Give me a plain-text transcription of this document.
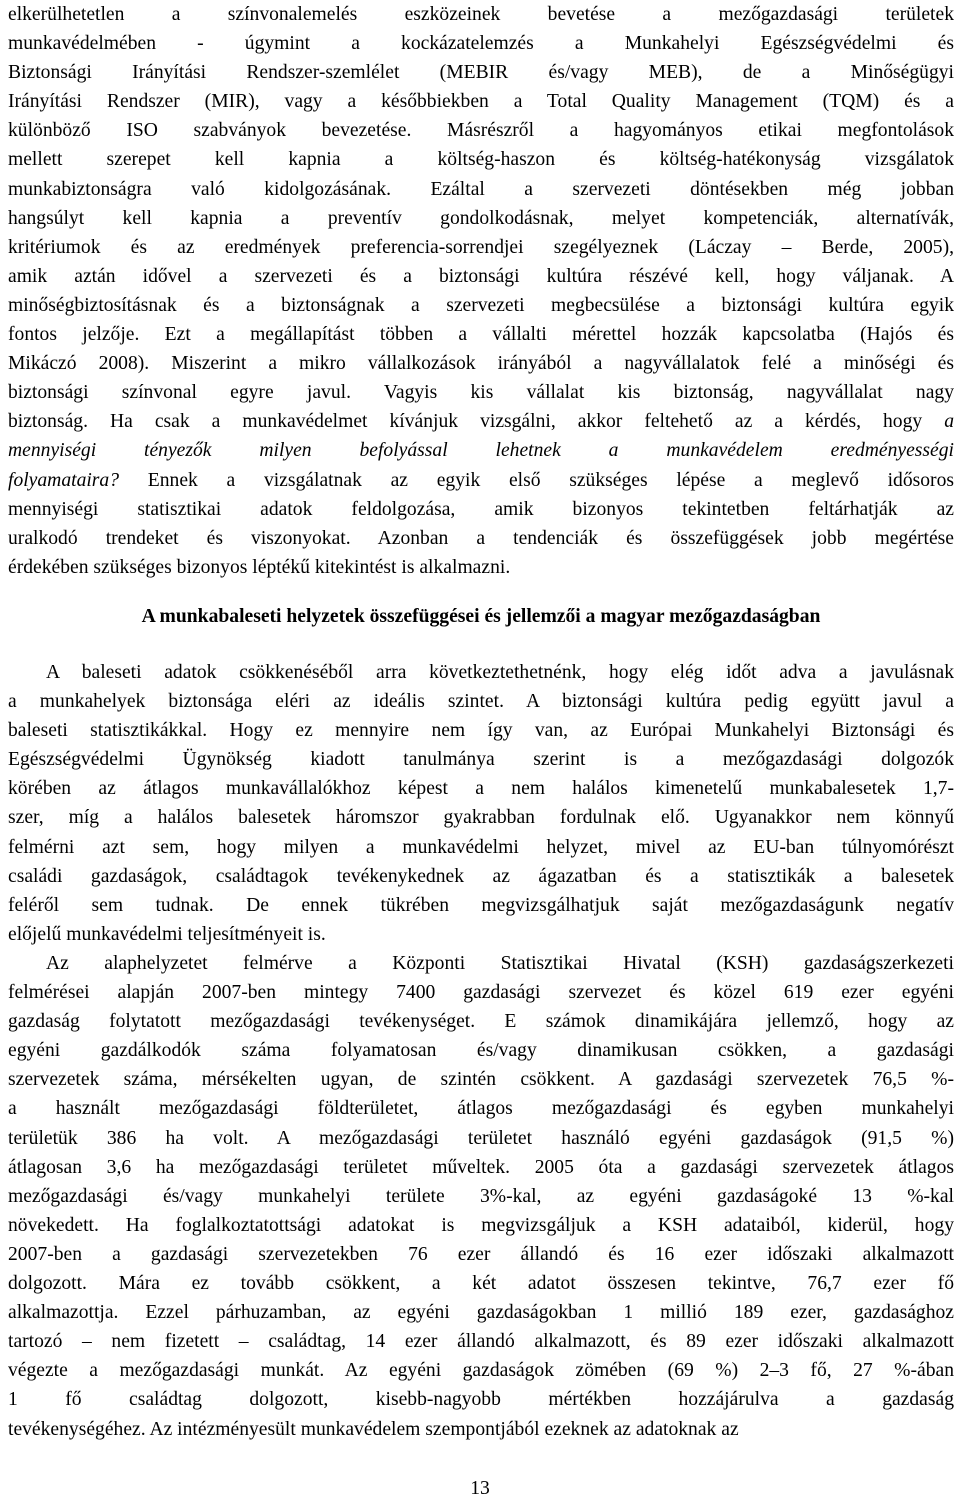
elkerülhetetlen a színvonalemelés eszközeinek bevetése a mezőgazdasági területek
munkavédelmében - úgymint a kockázatelemzés a Munkahelyi Egészségvédelmi és
Biztonsági Irányítási Rendszer-szemlélet (MEBIR és/vagy MEB), de a Minőségügyi
Irányítási Rendszer (MIR), vagy a későbbiekben a Total Quality Management (TQM) és a
különböző ISO szabványok bevezetése. Másrészről a hagyományos etikai megfontolások
mellett szerepet kell kapnia a költség-haszon és költség-hatékonyság vizsgálatok
munkabiztonságra való kidolgozásának. Ezáltal a szervezeti döntésekben még jobban
hangsúlyt kell kapnia a preventív gondolkodásnak, melyet kompetenciák, alternatívák,
kritériumok és az eredmények preferencia-sorrendjei szegélyeznek (Láczay – Berde, 2005),
amik aztán idővel a szervezeti és a biztonsági kultúra részévé kell, hogy váljanak. A
minőségbiztosításnak és a biztonságnak a szervezeti megbecsülése a biztonsági kultúra egyik
fontos jelzője. Ezt a megállapítást többen a vállalti mérettel hozzák kapcsolatba (Hajós és
Mikáczó 2008). Miszerint a mikro vállalkozások irányából a nagyvállalatok felé a minőségi és
biztonsági színvonal egyre javul. Vagyis kis vállalat kis biztonság, nagyvállalat nagy
biztonság. Ha csak a munkavédelmet kívánjuk vizsgálni, akkor feltehető az a kérdés, hogy a
mennyiségi tényezők milyen befolyással lehetnek a munkavédelem eredményességi
folyamataira? Ennek a vizsgálatnak az egyik első szükséges lépése a meglevő idősoros
mennyiségi statisztikai adatok feldolgozása, amik bizonyos tekintetben feltárhatják az
uralkodó trendeket és viszonyokat. Azonban a tendenciák és összefüggések jobb megértése
érdekében szükséges bizonyos léptékű kitekintést is alkalmazni.

A munkabaleseti helyzetek összefüggései és jellemzői a magyar mezőgazdaságban

A baleseti adatok csökkenéséből arra következtethetnénk, hogy elég időt adva a javulásnak
a munkahelyek biztonsága eléri az ideális szintet. A biztonsági kultúra pedig együtt javul a
baleseti statisztikákkal. Hogy ez mennyire nem így van, az Európai Munkahelyi Biztonsági és
Egészségvédelmi Ügynökség kiadott tanulmánya szerint is a mezőgazdasági dolgozók
körében az átlagos munkavállalókhoz képest a nem halálos kimenetelű munkabalesetek 1,7-
szer, míg a halálos balesetek háromszor gyakrabban fordulnak elő. Ugyanakkor nem könnyű
felmérni azt sem, hogy milyen a munkavédelmi helyzet, mivel az EU-ban túlnyomórészt
családi gazdaságok, családtagok tevékenykednek az ágazatban és a statisztikák a balesetek
feléről sem tudnak. De ennek tükrében megvizsgálhatjuk saját mezőgazdaságunk negatív
előjelű munkavédelmi teljesítményeit is.

Az alaphelyzetet felmérve a Központi Statisztikai Hivatal (KSH) gazdaságszerkezeti
felmérései alapján 2007-ben mintegy 7400 gazdasági szervezet és közel 619 ezer egyéni
gazdaság folytatott mezőgazdasági tevékenységet. E számok dinamikájára jellemző, hogy az
egyéni gazdálkodók száma folyamatosan és/vagy dinamikusan csökken, a gazdasági
szervezetek száma, mérsékelten ugyan, de szintén csökkent. A gazdasági szervezetek 76,5 %-
a használt mezőgazdasági földterületet, átlagos mezőgazdasági és egyben munkahelyi
területük 386 ha volt. A mezőgazdasági területet használó egyéni gazdaságok (91,5 %)
átlagosan 3,6 ha mezőgazdasági területet műveltek. 2005 óta a gazdasági szervezetek átlagos
mezőgazdasági és/vagy munkahelyi területe 3%-kal, az egyéni gazdaságoké 13 %-kal
növekedett. Ha foglalkoztatottsági adatokat is megvizsgáljuk a KSH adataiból, kiderül, hogy
2007-ben a gazdasági szervezetekben 76 ezer állandó és 16 ezer időszaki alkalmazott
dolgozott. Mára ez tovább csökkent, a két adatot összesen tekintve, 76,7 ezer fő
alkalmazottja. Ezzel párhuzamban, az egyéni gazdaságokban 1 millió 189 ezer, gazdasághoz
tartozó – nem fizetett – családtag, 14 ezer állandó alkalmazott, és 89 ezer időszaki alkalmazott
végezte a mezőgazdasági munkát. Az egyéni gazdaságok zömében (69 %) 2–3 fő, 27 %-ában
1 fő családtag dolgozott, kisebb-nagyobb mértékben hozzájárulva a gazdaság
tevékenységéhez. Az intézményesült munkavédelem szempontjából ezeknek az adatoknak az

13
